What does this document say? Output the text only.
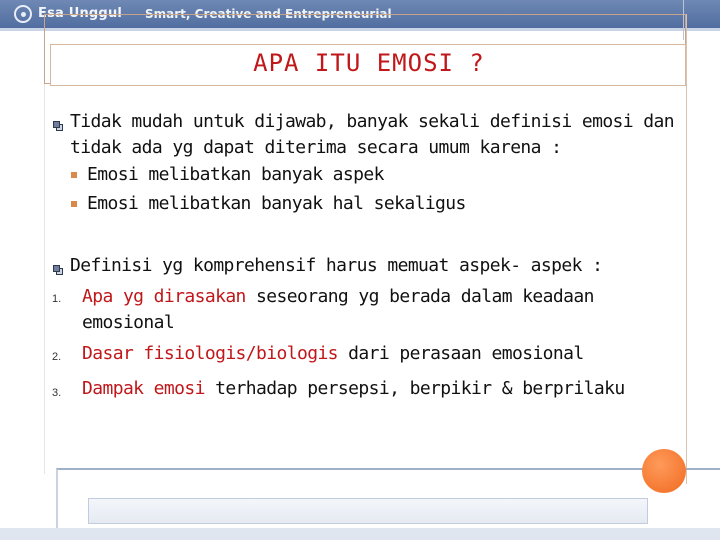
Esa Unggul Smart, Creative and Entrepreneurial
APA ITU EMOSI ?
Tidak mudah untuk dijawab, banyak sekali definisi emosi dan
tidak ada yg dapat diterima secara umum karena :
Emosi melibatkan banyak aspek
Emosi melibatkan banyak hal sekaligus
Definisi yg komprehensif harus memuat aspek- aspek :
1. Apa yg dirasakan seseorang yg berada dalam keadaan
emosional
2. Dasar fisiologis/biologis dari perasaan emosional
3. Dampak emosi terhadap persepsi, berpikir & berprilaku
